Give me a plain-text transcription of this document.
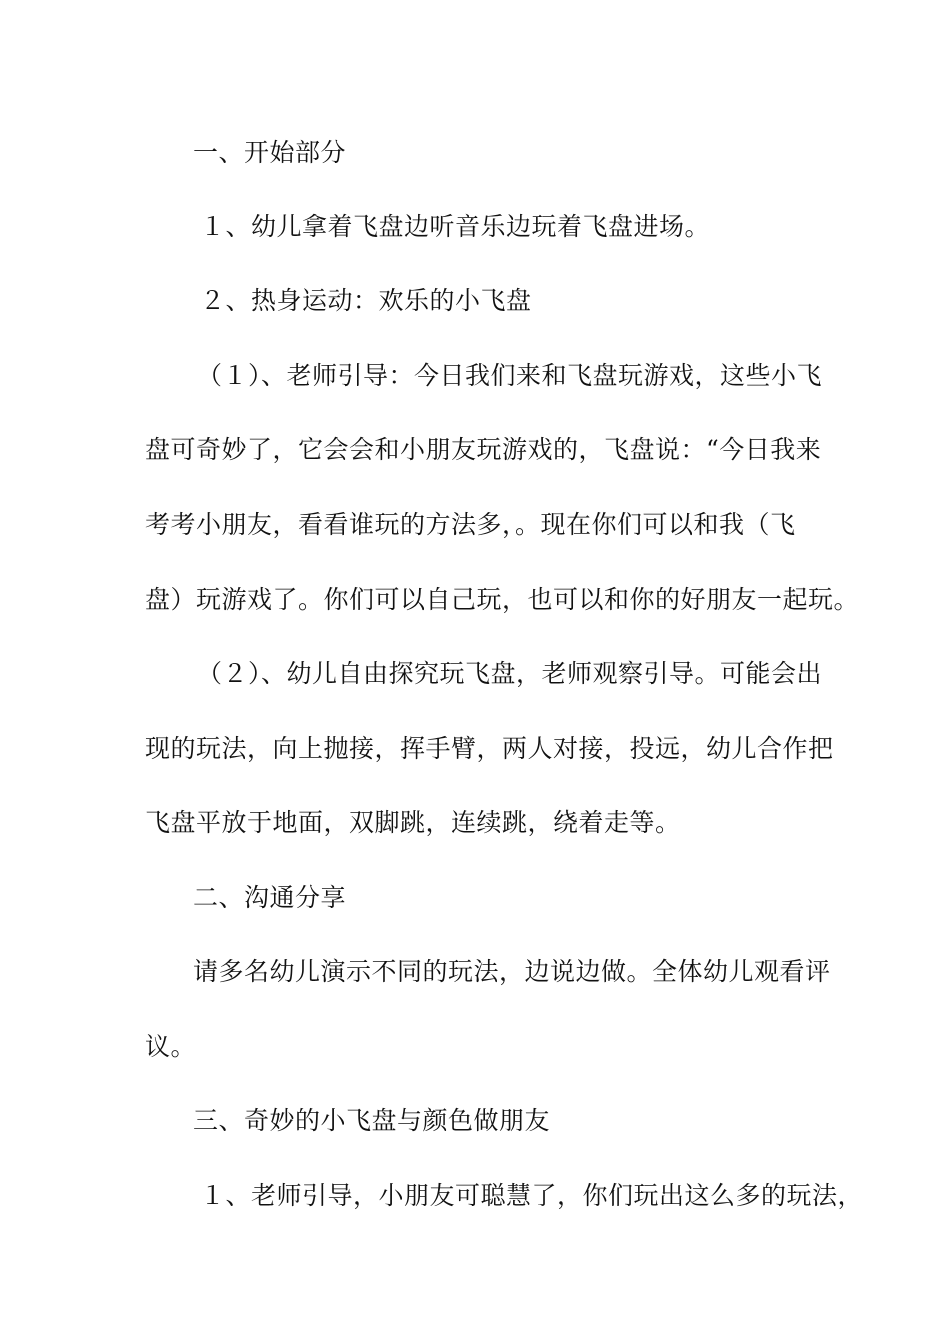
一、开始部分
１、幼儿拿着飞盘边听音乐边玩着飞盘进场。
２、热身运动：欢乐的小飞盘
（１）、老师引导：今日我们来和飞盘玩游戏，这些小飞
盘可奇妙了，它会会和小朋友玩游戏的，飞盘说：“今日我来
考考小朋友，看看谁玩的方法多，。现在你们可以和我（飞
盘）玩游戏了。你们可以自己玩，也可以和你的好朋友一起玩。
（２）、幼儿自由探究玩飞盘，老师观察引导。可能会出
现的玩法，向上抛接，挥手臂，两人对接，投远，幼儿合作把
飞盘平放于地面，双脚跳，连续跳，绕着走等。
二、沟通分享
请多名幼儿演示不同的玩法，边说边做。全体幼儿观看评
议。
三、奇妙的小飞盘与颜色做朋友
１、老师引导，小朋友可聪慧了，你们玩出这么多的玩法，
